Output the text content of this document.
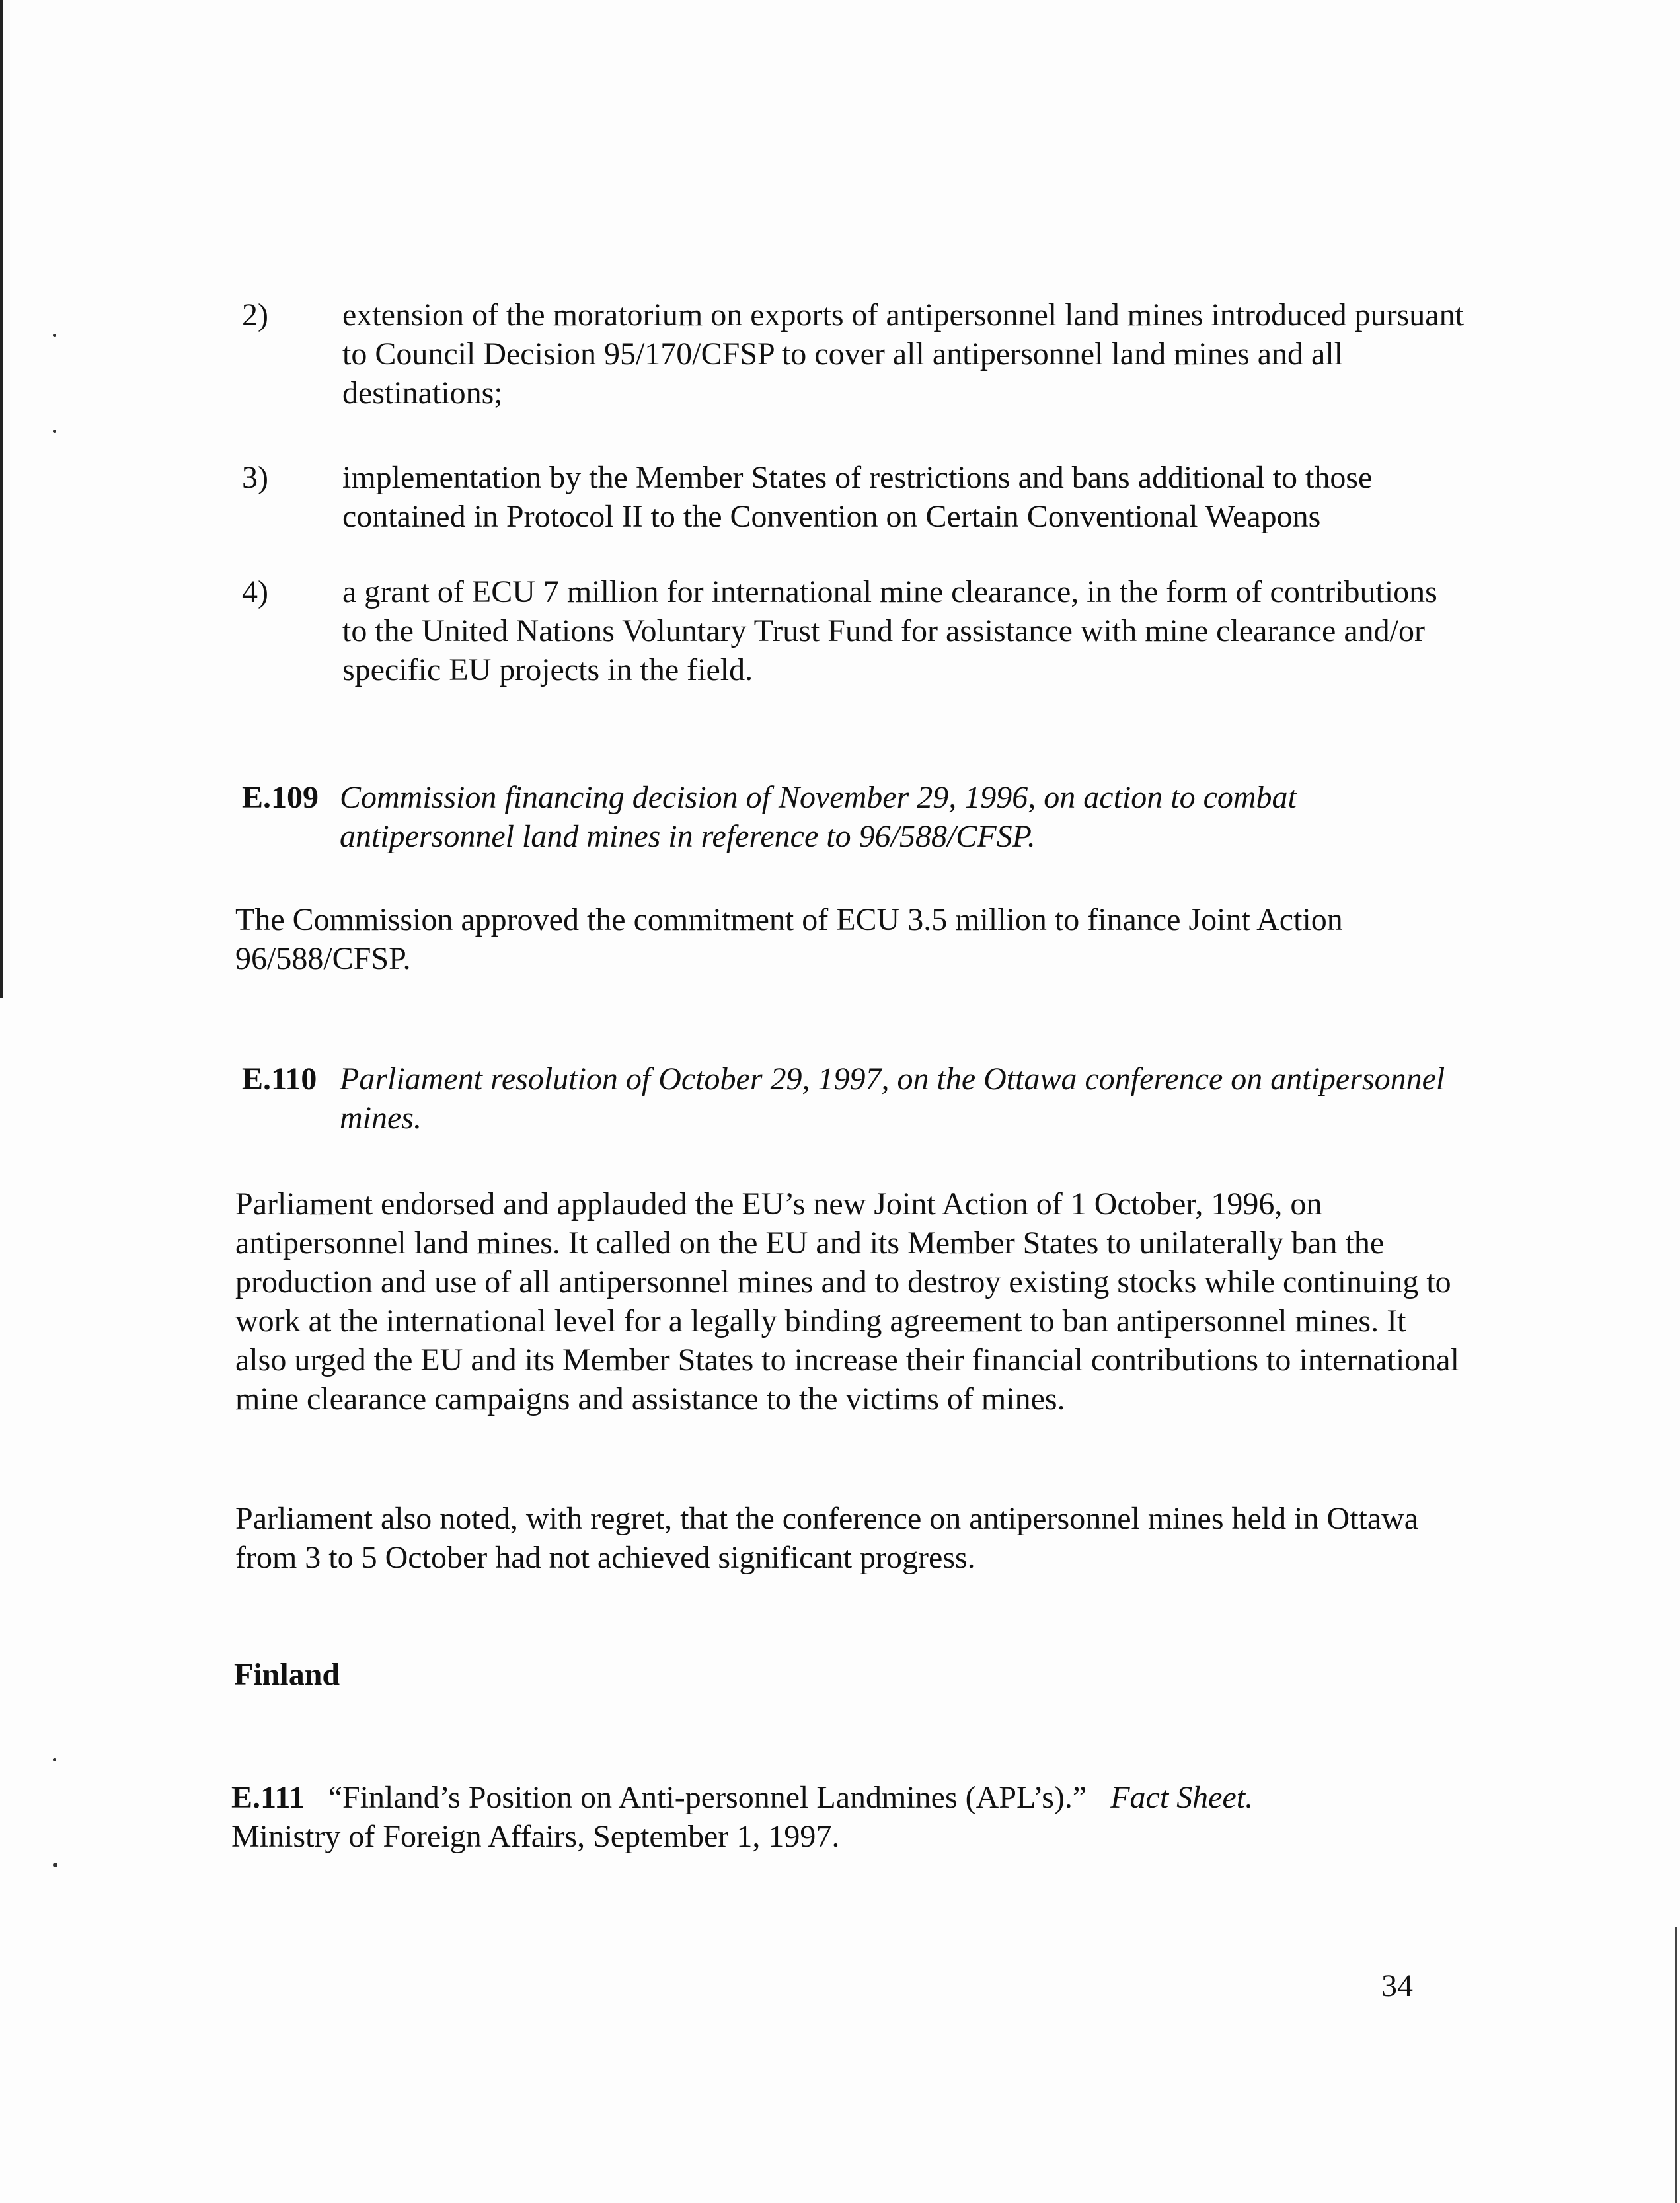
2) extension of the moratorium on exports of antipersonnel land mines introduced pursuant to Council Decision 95/170/CFSP to cover all antipersonnel land mines and all destinations;
3) implementation by the Member States of restrictions and bans additional to those contained in Protocol II to the Convention on Certain Conventional Weapons
4) a grant of ECU 7 million for international mine clearance, in the form of contributions to the United Nations Voluntary Trust Fund for assistance with mine clearance and/or specific EU projects in the field.
E.109 Commission financing decision of November 29, 1996, on action to combat antipersonnel land mines in reference to 96/588/CFSP.
The Commission approved the commitment of ECU 3.5 million to finance Joint Action 96/588/CFSP.
E.110 Parliament resolution of October 29, 1997, on the Ottawa conference on antipersonnel mines.
Parliament endorsed and applauded the EU’s new Joint Action of 1 October, 1996, on antipersonnel land mines. It called on the EU and its Member States to unilaterally ban the production and use of all antipersonnel mines and to destroy existing stocks while continuing to work at the international level for a legally binding agreement to ban antipersonnel mines. It also urged the EU and its Member States to increase their financial contributions to international mine clearance campaigns and assistance to the victims of mines.
Parliament also noted, with regret, that the conference on antipersonnel mines held in Ottawa from 3 to 5 October had not achieved significant progress.
Finland
E.111 “Finland’s Position on Anti-personnel Landmines (APL’s).” Fact Sheet.
Ministry of Foreign Affairs, September 1, 1997.
34
